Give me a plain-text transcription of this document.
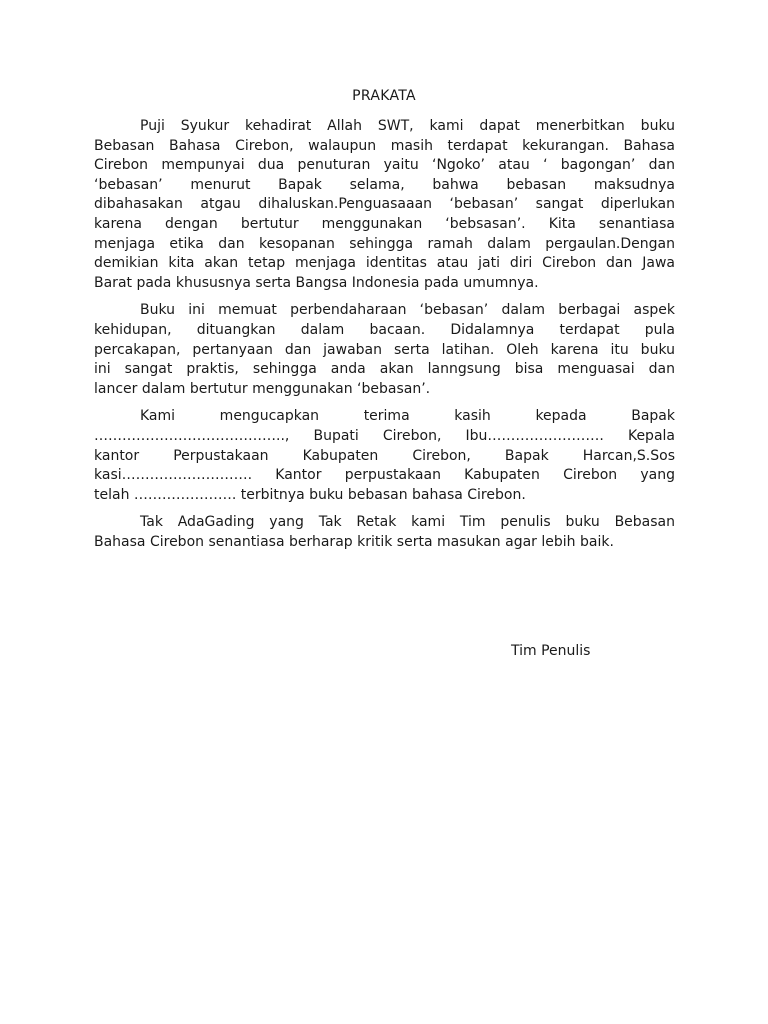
PRAKATA
Puji Syukur kehadirat Allah SWT, kami dapat menerbitkan buku
Bebasan Bahasa Cirebon, walaupun masih terdapat kekurangan. Bahasa
Cirebon mempunyai dua penuturan yaitu ‘Ngoko’ atau ‘ bagongan’ dan
‘bebasan’ menurut Bapak selama, bahwa bebasan maksudnya
dibahasakan atgau dihaluskan.Penguasaaan ‘bebasan’ sangat diperlukan
karena dengan bertutur menggunakan ‘bebsasan’. Kita senantiasa
menjaga etika dan kesopanan sehingga ramah dalam pergaulan.Dengan
demikian kita akan tetap menjaga identitas atau jati diri Cirebon dan Jawa
Barat pada khususnya serta Bangsa Indonesia pada umumnya.
Buku ini memuat perbendaharaan ‘bebasan’ dalam berbagai aspek
kehidupan, dituangkan dalam bacaan. Didalamnya terdapat pula
percakapan, pertanyaan dan jawaban serta latihan. Oleh karena itu buku
ini sangat praktis, sehingga anda akan lanngsung bisa menguasai dan
lancer dalam bertutur menggunakan ‘bebasan’.
Kami mengucapkan terima kasih kepada Bapak
………………………………….., Bupati Cirebon, Ibu……………………. Kepala
kantor Perpustakaan Kabupaten Cirebon, Bapak Harcan,S.Sos
kasi………………………. Kantor perpustakaan Kabupaten Cirebon yang
telah …………………. terbitnya buku bebasan bahasa Cirebon.
Tak AdaGading yang Tak Retak kami Tim penulis buku Bebasan
Bahasa Cirebon senantiasa berharap kritik serta masukan agar lebih baik.
Tim Penulis
